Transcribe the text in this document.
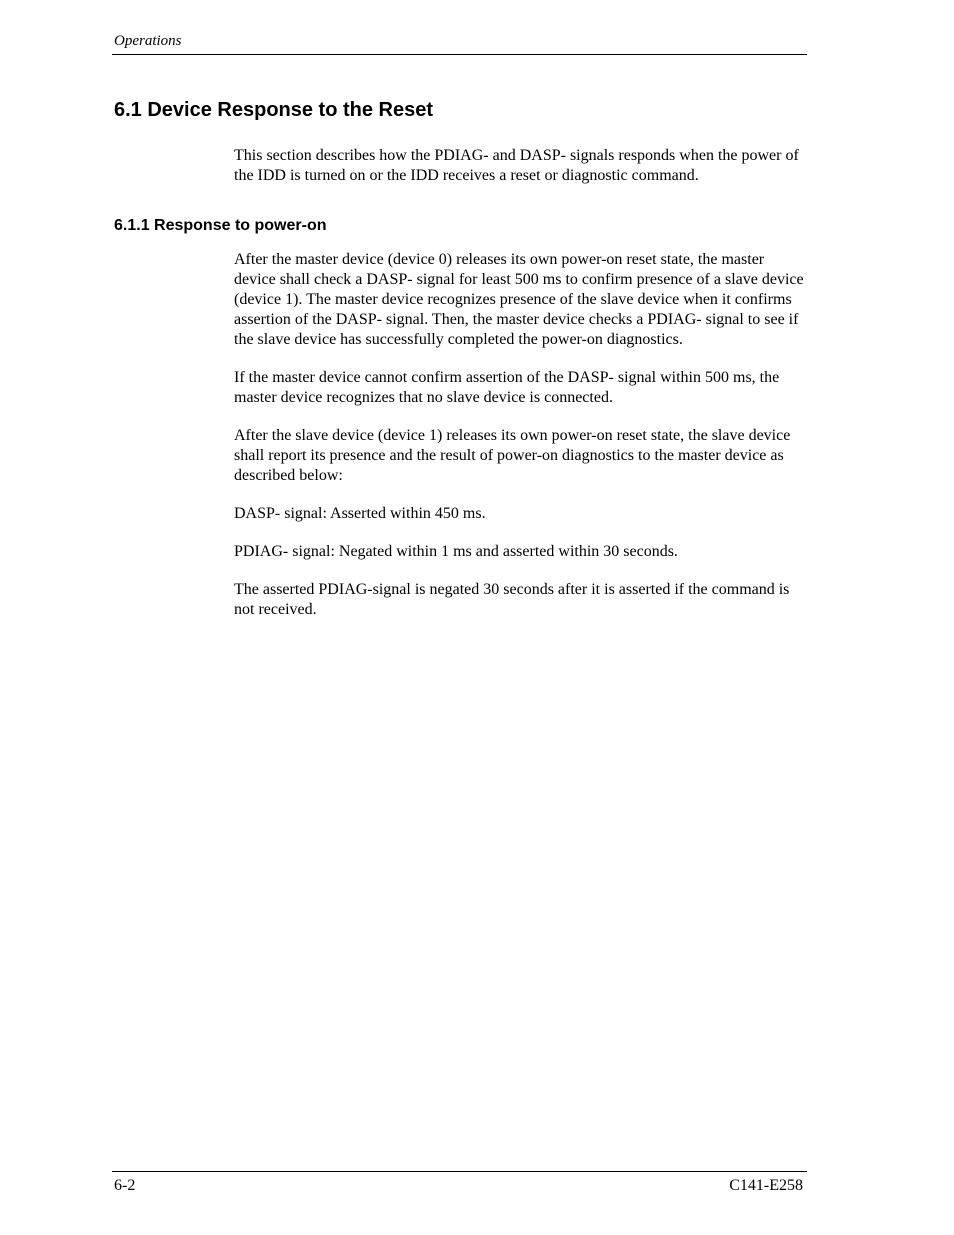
Operations
6.1 Device Response to the Reset

This section describes how the PDIAG- and DASP- signals responds when the power of the IDD is turned on or the IDD receives a reset or diagnostic command.

6.1.1 Response to power-on

After the master device (device 0) releases its own power-on reset state, the master device shall check a DASP- signal for least 500 ms to confirm presence of a slave device (device 1). The master device recognizes presence of the slave device when it confirms assertion of the DASP- signal. Then, the master device checks a PDIAG- signal to see if the slave device has successfully completed the power-on diagnostics.

If the master device cannot confirm assertion of the DASP- signal within 500 ms, the master device recognizes that no slave device is connected.

After the slave device (device 1) releases its own power-on reset state, the slave device shall report its presence and the result of power-on diagnostics to the master device as described below:

DASP- signal: Asserted within 450 ms.

PDIAG- signal: Negated within 1 ms and asserted within 30 seconds.

The asserted PDIAG-signal is negated 30 seconds after it is asserted if the command is not received.

6-2	C141-E258
